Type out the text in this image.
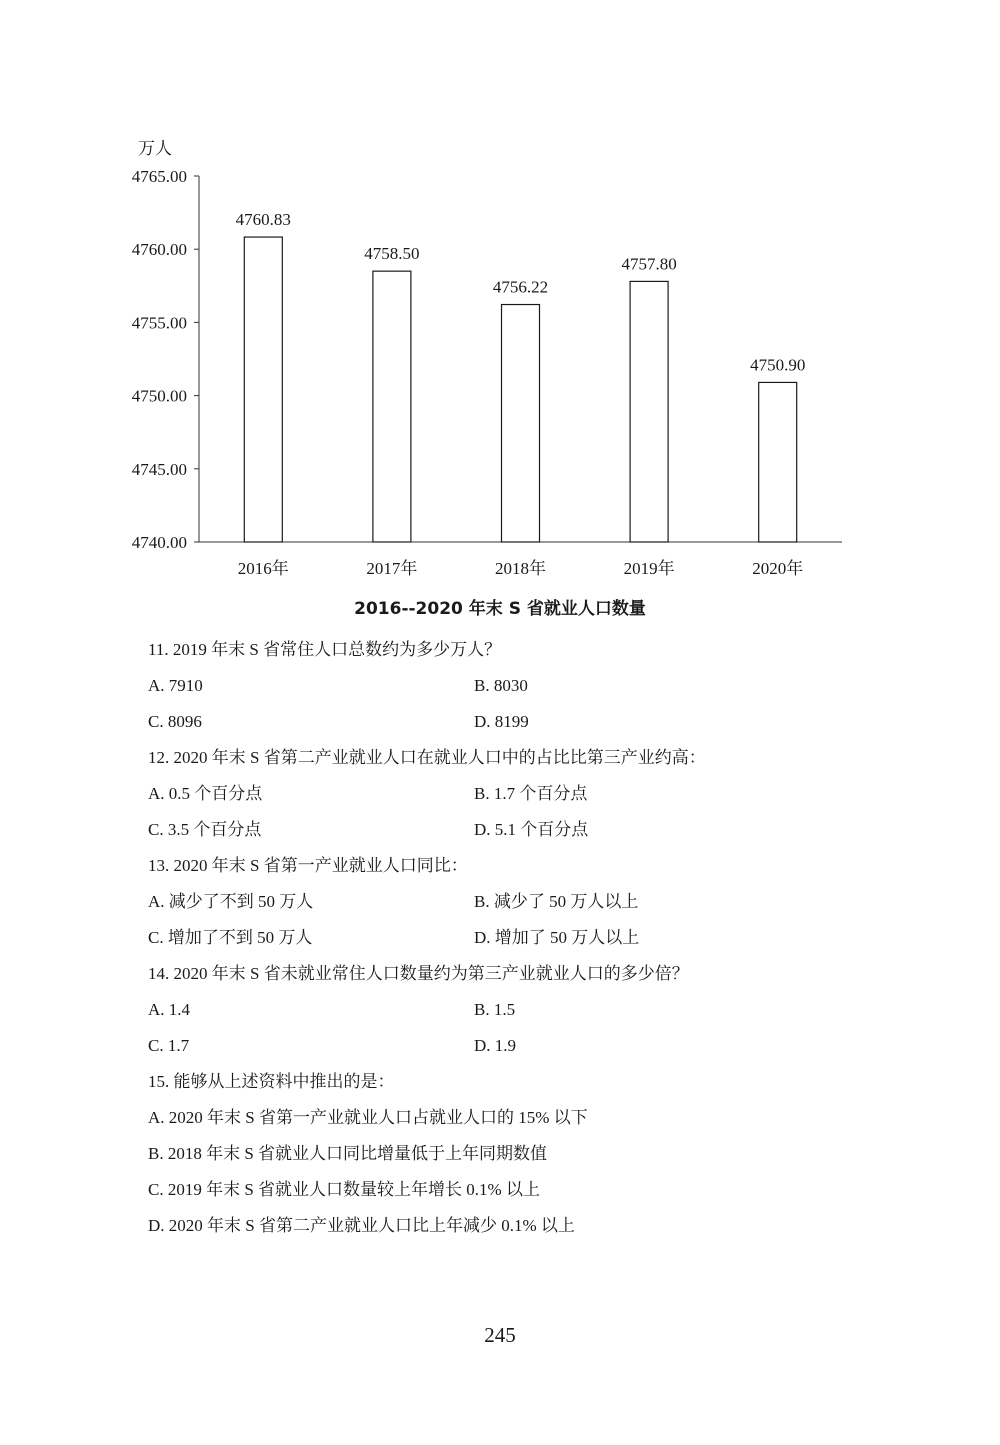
万人
4740.00
4745.00
4750.00
4755.00
4760.00
4765.00
4760.83
2016年
4758.50
2017年
4756.22
2018年
4757.80
2019年
4750.90
2020年
2016--2020 年末 S 省就业人口数量
11. 2019 年末 S 省常住人口总数约为多少万人？
A. 7910	B. 8030
C. 8096	D. 8199
12. 2020 年末 S 省第二产业就业人口在就业人口中的占比比第三产业约高：
A. 0.5 个百分点	B. 1.7 个百分点
C. 3.5 个百分点	D. 5.1 个百分点
13. 2020 年末 S 省第一产业就业人口同比：
A. 减少了不到 50 万人	B. 减少了 50 万人以上
C. 增加了不到 50 万人	D. 增加了 50 万人以上
14. 2020 年末 S 省未就业常住人口数量约为第三产业就业人口的多少倍？
A. 1.4	B. 1.5
C. 1.7	D. 1.9
15. 能够从上述资料中推出的是：
A. 2020 年末 S 省第一产业就业人口占就业人口的 15% 以下
B. 2018 年末 S 省就业人口同比增量低于上年同期数值
C. 2019 年末 S 省就业人口数量较上年增长 0.1% 以上
D. 2020 年末 S 省第二产业就业人口比上年减少 0.1% 以上
245
